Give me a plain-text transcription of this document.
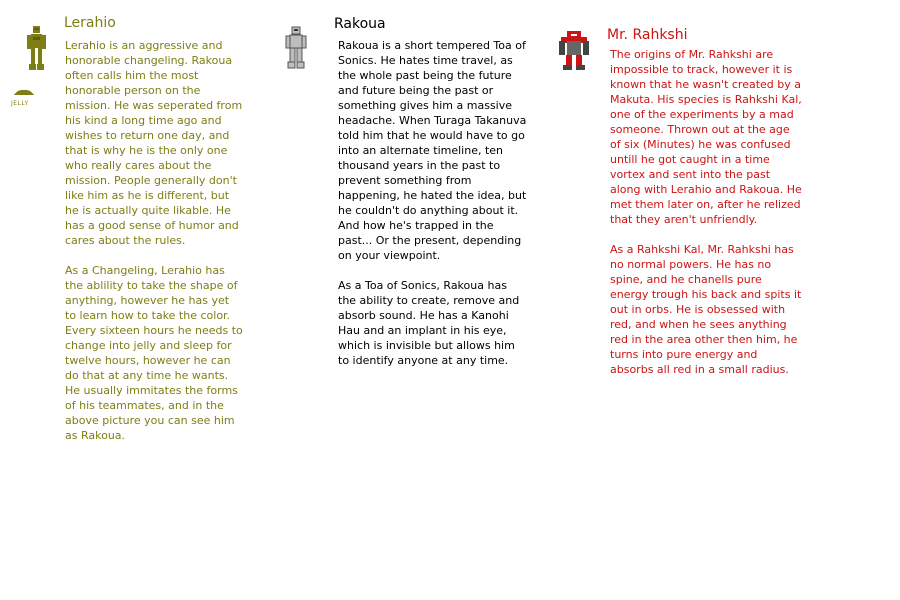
JELLY
Lerahio

Lerahio is an aggressive and honorable changeling. Rakoua often calls him the most honorable person on the mission. He was seperated from his kind a long time ago and wishes to return one day, and that is why he is the only one who really cares about the mission. People generally don't like him as he is different, but he is actually quite likable. He has a good sense of humor and cares about the rules.

As a Changeling, Lerahio has the ablility to take the shape of anything, however he has yet to learn how to take the color. Every sixteen hours he needs to change into jelly and sleep for twelve hours, however he can do that at any time he wants. He usually immitates the forms of his teammates, and in the above picture you can see him as Rakoua.

Rakoua

Rakoua is a short tempered Toa of Sonics. He hates time travel, as the whole past being the future and future being the past or something gives him a massive headache. When Turaga Takanuva told him that he would have to go into an alternate timeline, ten thousand years in the past to prevent something from happening, he hated the idea, but he couldn't do anything about it. And how he's trapped in the past... Or the present, depending on your viewpoint.

As a Toa of Sonics, Rakoua has the ability to create, remove and absorb sound. He has a Kanohi Hau and an implant in his eye, which is invisible but allows him to identify anyone at any time.

Mr. Rahkshi

The origins of Mr. Rahkshi are impossible to track, however it is known that he wasn't created by a Makuta. His species is Rahkshi Kal, one of the experiments by a mad someone. Thrown out at the age of six (Minutes) he was confused untill he got caught in a time vortex and sent into the past along with Lerahio and Rakoua. He met them later on, after he relized that they aren't unfriendly.

As a Rahkshi Kal, Mr. Rahkshi has no normal powers. He has no spine, and he chanells pure energy trough his back and spits it out in orbs. He is obsessed with red, and when he sees anything red in the area other then him, he turns into pure energy and absorbs all red in a small radius.
